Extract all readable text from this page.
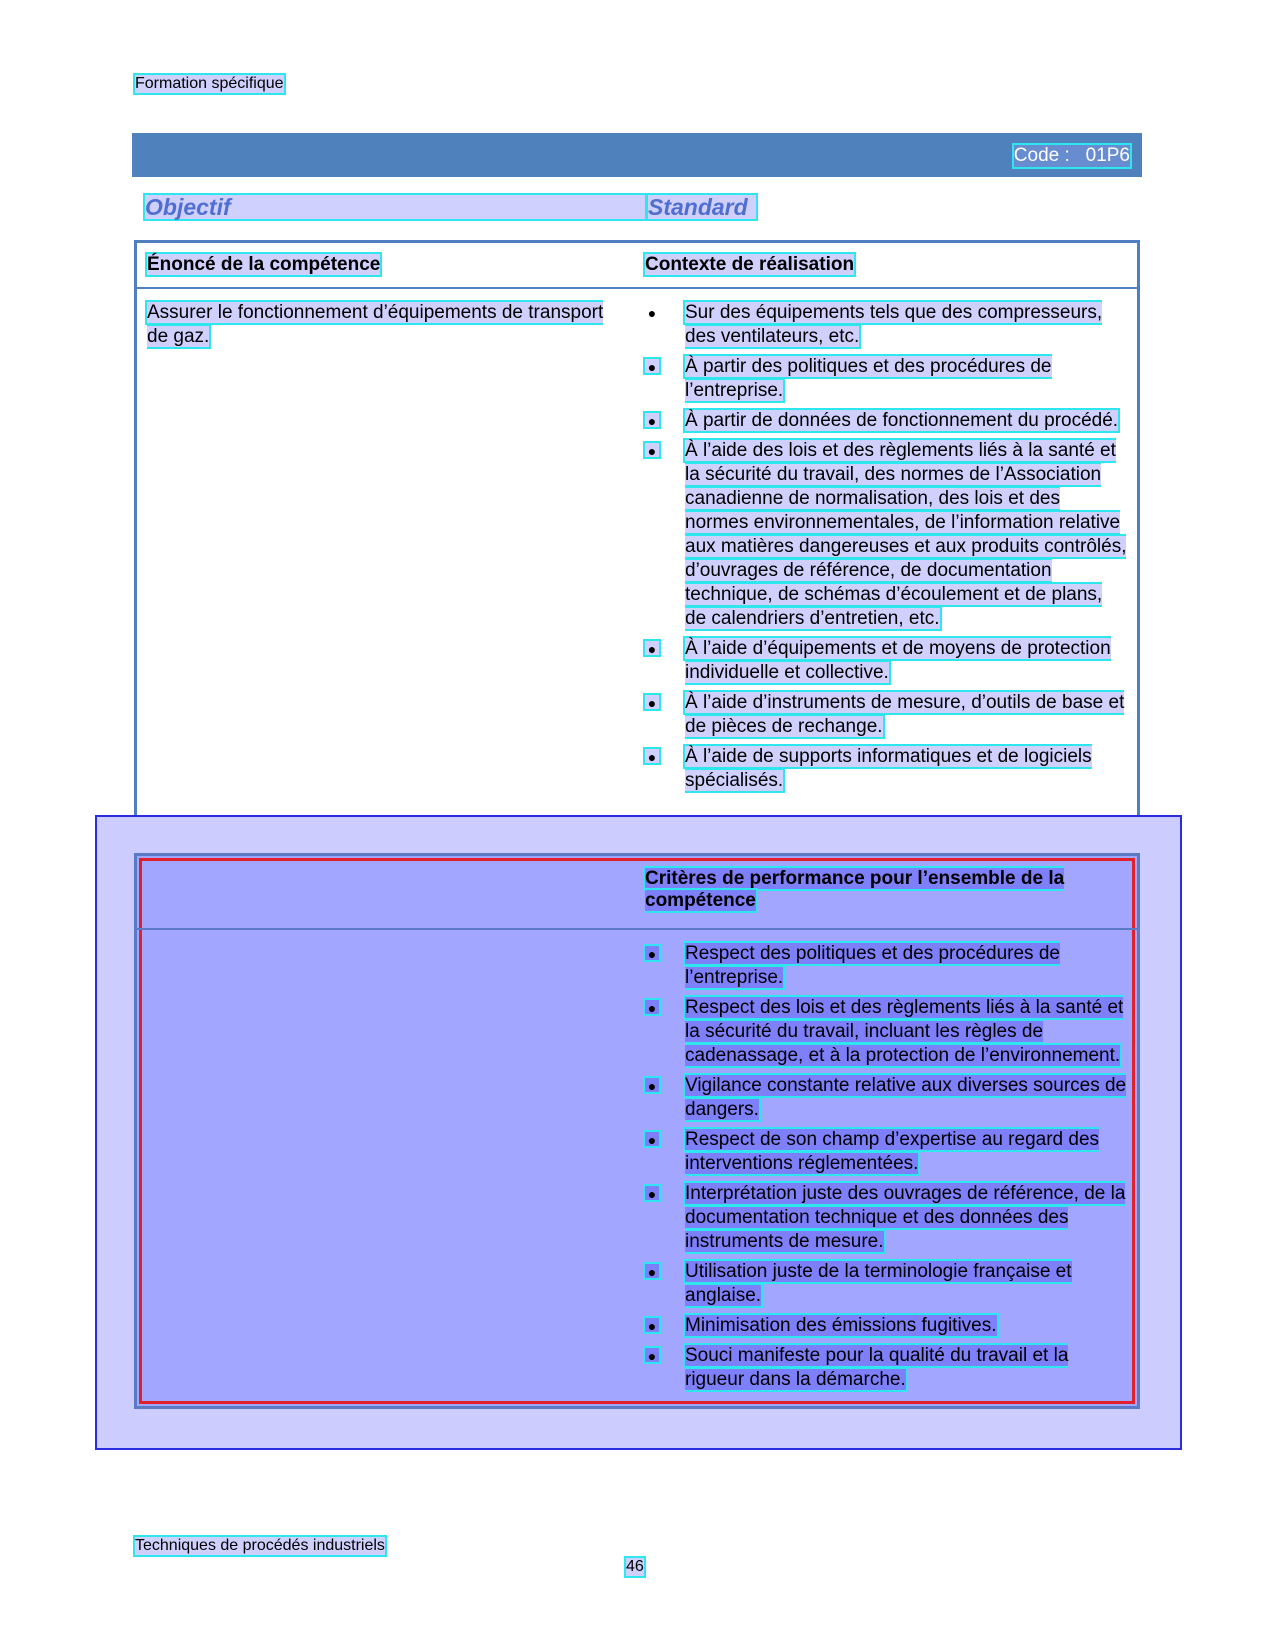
Formation spécifique
Code : 01P6
Objectif	Standard
Énoncé de la compétence	Contexte de réalisation
Assurer le fonctionnement d’équipements de transport de gaz.
● Sur des équipements tels que des compresseurs, des ventilateurs, etc.
● À partir des politiques et des procédures de l’entreprise.
● À partir de données de fonctionnement du procédé.
● À l’aide des lois et des règlements liés à la santé et la sécurité du travail, des normes de l’Association canadienne de normalisation, des lois et des normes environnementales, de l’information relative aux matières dangereuses et aux produits contrôlés, d’ouvrages de référence, de documentation technique, de schémas d’écoulement et de plans, de calendriers d’entretien, etc.
● À l’aide d’équipements et de moyens de protection individuelle et collective.
● À l’aide d’instruments de mesure, d’outils de base et de pièces de rechange.
● À l’aide de supports informatiques et de logiciels spécialisés.
Critères de performance pour l’ensemble de la compétence
● Respect des politiques et des procédures de l’entreprise.
● Respect des lois et des règlements liés à la santé et la sécurité du travail, incluant les règles de cadenassage, et à la protection de l’environnement.
● Vigilance constante relative aux diverses sources de dangers.
● Respect de son champ d’expertise au regard des interventions réglementées.
● Interprétation juste des ouvrages de référence, de la documentation technique et des données des instruments de mesure.
● Utilisation juste de la terminologie française et anglaise.
● Minimisation des émissions fugitives.
● Souci manifeste pour la qualité du travail et la rigueur dans la démarche.
Techniques de procédés industriels
46
